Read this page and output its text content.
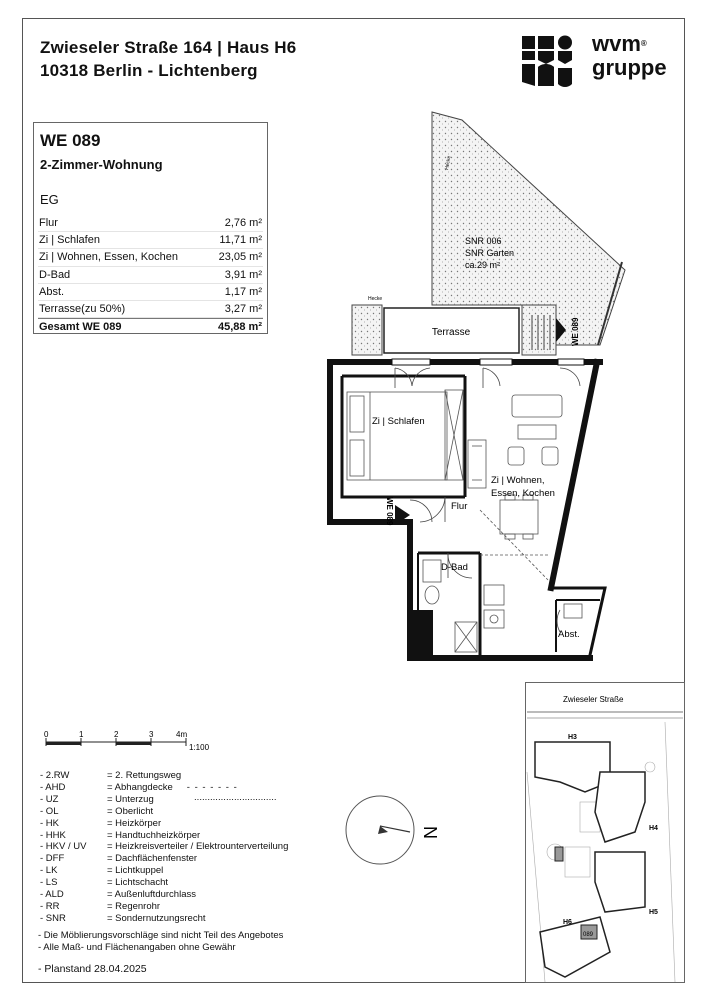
Zwieseler Straße 164 | Haus H6
10318 Berlin - Lichtenberg
wvm®
gruppe
WE 089
2-Zimmer-Wohnung
EG
Flur	2,76 m²
Zi | Schlafen	11,71 m²
Zi | Wohnen, Essen, Kochen	23,05 m²
D-Bad	3,91 m²
Abst.	1,17 m²
Terrasse(zu 50%)	3,27 m²
Gesamt WE 089	45,88 m²	Terrasse
SNR 006
SNR Garten
ca.29 m²
Hecke
Hecke
Zi | Schlafen
Zi | Wohnen,
Essen, Kochen
Flur
D-Bad
Abst.
WE 089
WE 089
0	1	2	3	4m
1:100
- 2.RW	= 2. Rettungsweg
- AHD	= Abhangdecke - - - - - - -
- UZ	= Unterzug	·······························
- OL	= Oberlicht
- HK	= Heizkörper
- HHK	= Handtuchheizkörper
- HKV / UV	= Heizkreisverteiler / Elektrounterverteilung
- DFF	= Dachflächenfenster
- LK	= Lichtkuppel
- LS	= Lichtschacht
- ALD	= Außenluftdurchlass
- RR	= Regenrohr
- SNR	= Sondernutzungsrecht
N
- Die Möblierungsvorschläge sind nicht Teil des Angebotes
- Alle Maß- und Flächenangaben ohne Gewähr
- Planstand 28.04.2025
Zwieseler Straße
H3
H4
H5
H6
089
